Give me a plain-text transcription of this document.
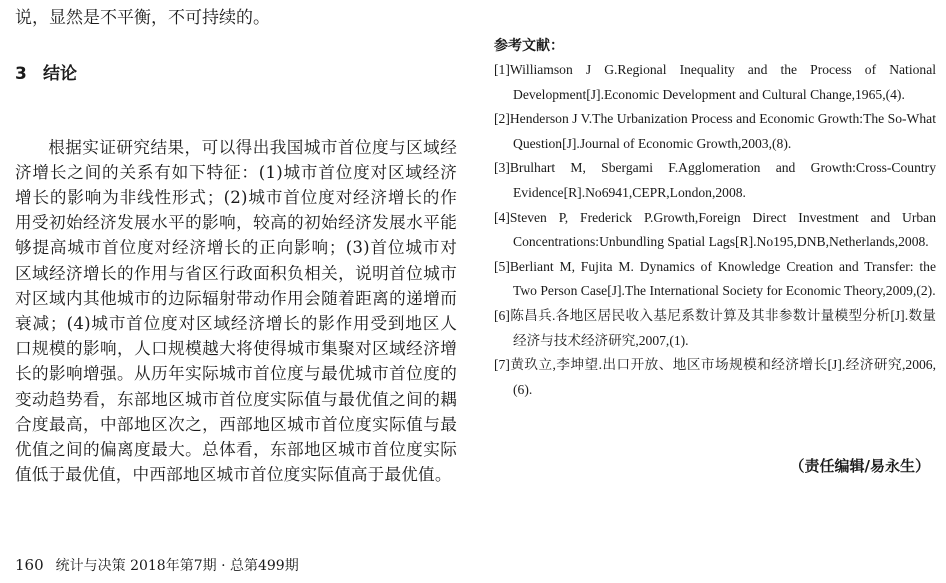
说，显然是不平衡，不可持续的。
3 结论

根据实证研究结果，可以得出我国城市首位度与区域经济增长之间的关系有如下特征：(1)城市首位度对区域经济增长的影响为非线性形式；(2)城市首位度对经济增长的作用受初始经济发展水平的影响，较高的初始经济发展水平能够提高城市首位度对经济增长的正向影响；(3)首位城市对区域经济增长的作用与省区行政面积负相关，说明首位城市对区域内其他城市的边际辐射带动作用会随着距离的递增而衰减；(4)城市首位度对区域经济增长的影作用受到地区人口规模的影响，人口规模越大将使得城市集聚对区域经济增长的影响增强。从历年实际城市首位度与最优城市首位度的变动趋势看，东部地区城市首位度实际值与最优值之间的耦合度最高，中部地区次之，西部地区城市首位度实际值与最优值之间的偏离度最大。总体看，东部地区城市首位度实际值低于最优值，中西部地区城市首位度实际值高于最优值。

160 统计与决策 2018年第7期 · 总第499期
参考文献：
[1]Williamson J G.Regional Inequality and the Process of National Development[J].Economic Development and Cultural Change,1965,(4).
[2]Henderson J V.The Urbanization Process and Economic Growth:The So-What Question[J].Journal of Economic Growth,2003,(8).
[3]Brulhart M, Sbergami F.Agglomeration and Growth:Cross-Country Evidence[R].No6941,CEPR,London,2008.
[4]Steven P, Frederick P.Growth,Foreign Direct Investment and Urban Concentrations:Unbundling Spatial Lags[R].No195,DNB,Netherlands,2008.
[5]Berliant M, Fujita M. Dynamics of Knowledge Creation and Transfer: the Two Person Case[J].The International Society for Economic Theory,2009,(2).
[6]陈昌兵.各地区居民收入基尼系数计算及其非参数计量模型分析[J].数量经济与技术经济研究,2007,(1).
[7]黄玖立,李坤望.出口开放、地区市场规模和经济增长[J].经济研究,2006,(6).
（责任编辑/易永生）
